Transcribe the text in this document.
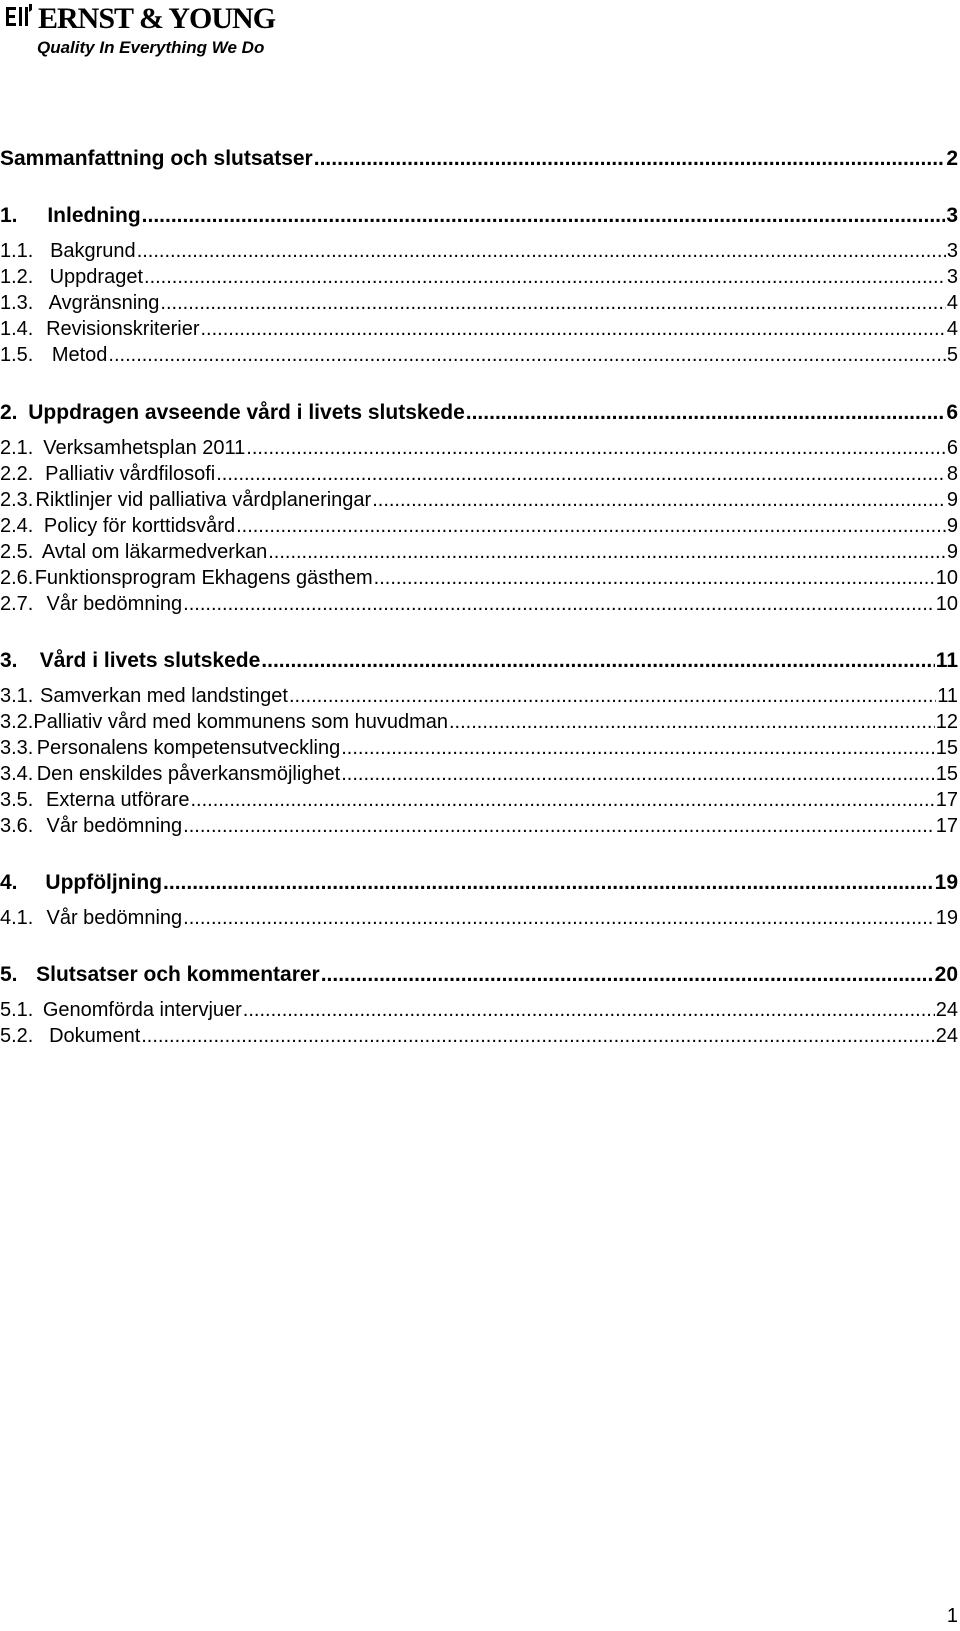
ERNST & YOUNG
Quality In Everything We Do
Sammanfattning och slutsatser .....	2
1.	Inledning .....	3
1.1. Bakgrund .....	3
1.2. Uppdraget .....	3
1.3. Avgränsning .....	4
1.4. Revisionskriterier .....	4
1.5. Metod .....	5
2. Uppdragen avseende vård i livets slutskede .....	6
2.1. Verksamhetsplan 2011 .....	6
2.2. Palliativ vårdfilosofi .....	8
2.3. Riktlinjer vid palliativa vårdplaneringar .....	9
2.4. Policy för korttidsvård .....	9
2.5. Avtal om läkarmedverkan .....	9
2.6. Funktionsprogram Ekhagens gästhem .....	10
2.7. Vår bedömning .....	10
3.	Vård i livets slutskede .....	11
3.1. Samverkan med landstinget .....	11
3.2. Palliativ vård med kommunens som huvudman .....	12
3.3. Personalens kompetensutveckling .....	15
3.4. Den enskildes påverkansmöjlighet .....	15
3.5. Externa utförare .....	17
3.6. Vår bedömning .....	17
4.	Uppföljning .....	19
4.1. Vår bedömning .....	19
5. Slutsatser och kommentarer .....	20
5.1. Genomförda intervjuer .....	24
5.2. Dokument .....	24
1
